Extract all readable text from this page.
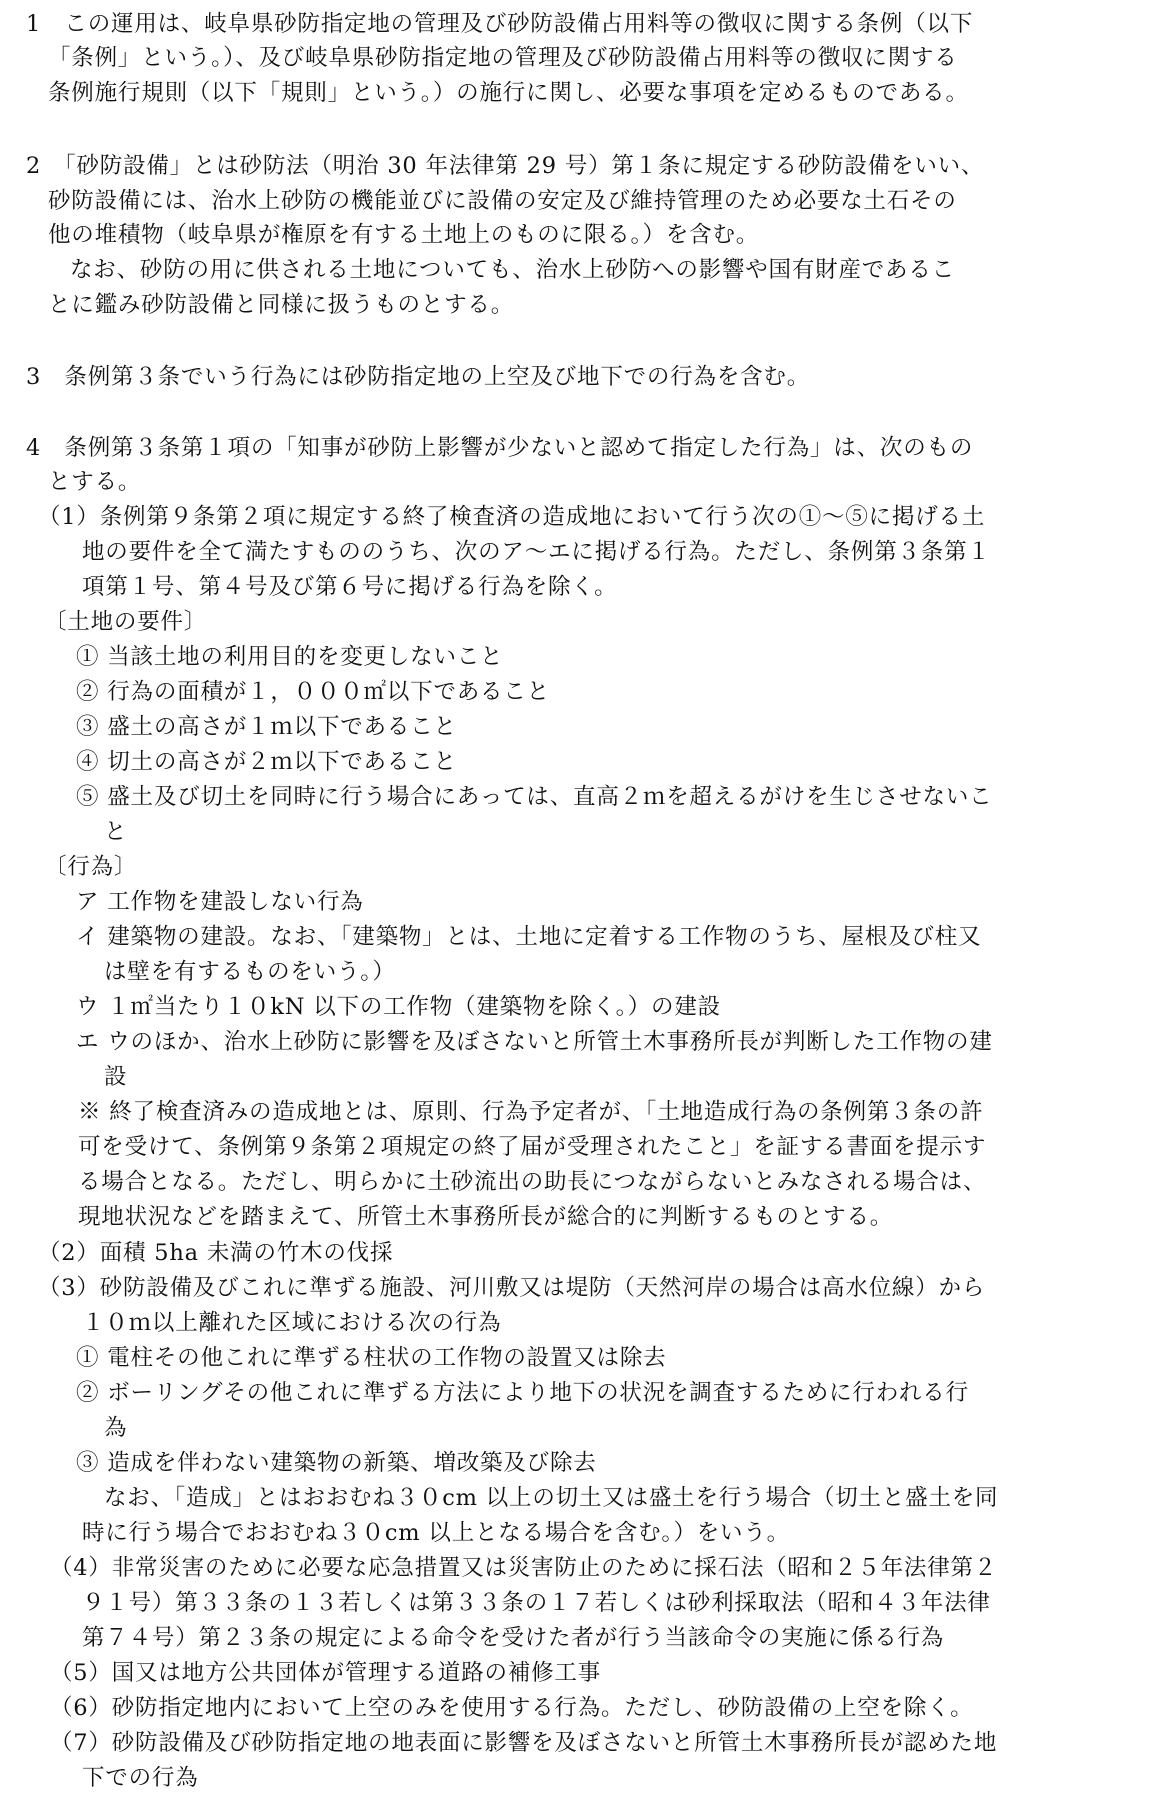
1　この運用は、岐阜県砂防指定地の管理及び砂防設備占用料等の徴収に関する条例（以下
「条例」という。）、及び岐阜県砂防指定地の管理及び砂防設備占用料等の徴収に関する
条例施行規則（以下「規則」という。）の施行に関し、必要な事項を定めるものである。
2　「砂防設備」とは砂防法（明治 30 年法律第 29 号）第１条に規定する砂防設備をいい、
砂防設備には、治水上砂防の機能並びに設備の安定及び維持管理のため必要な土石その
他の堆積物（岐阜県が権原を有する土地上のものに限る。）を含む。
なお、砂防の用に供される土地についても、治水上砂防への影響や国有財産であるこ
とに鑑み砂防設備と同様に扱うものとする。
3　条例第３条でいう行為には砂防指定地の上空及び地下での行為を含む。
4　条例第３条第１項の「知事が砂防上影響が少ないと認めて指定した行為」は、次のもの
とする。
（1）条例第９条第２項に規定する終了検査済の造成地において行う次の①～⑤に掲げる土
地の要件を全て満たすもののうち、次のア～エに掲げる行為。ただし、条例第３条第１
項第１号、第４号及び第６号に掲げる行為を除く。
〔土地の要件〕
① 当該土地の利用目的を変更しないこと
② 行為の面積が１，０００㎡以下であること
③ 盛土の高さが１ｍ以下であること
④ 切土の高さが２ｍ以下であること
⑤ 盛土及び切土を同時に行う場合にあっては、直高２ｍを超えるがけを生じさせないこ
と
〔行為〕
ア 工作物を建設しない行為
イ 建築物の建設。なお、「建築物」とは、土地に定着する工作物のうち、屋根及び柱又
は壁を有するものをいう。）
ウ １㎡当たり１０kN 以下の工作物（建築物を除く。）の建設
エ ウのほか、治水上砂防に影響を及ぼさないと所管土木事務所長が判断した工作物の建
設
※ 終了検査済みの造成地とは、原則、行為予定者が、「土地造成行為の条例第３条の許
可を受けて、条例第９条第２項規定の終了届が受理されたこと」を証する書面を提示す
る場合となる。ただし、明らかに土砂流出の助長につながらないとみなされる場合は、
現地状況などを踏まえて、所管土木事務所長が総合的に判断するものとする。
（2）面積 5ha 未満の竹木の伐採
（3）砂防設備及びこれに準ずる施設、河川敷又は堤防（天然河岸の場合は高水位線）から
１０ｍ以上離れた区域における次の行為
① 電柱その他これに準ずる柱状の工作物の設置又は除去
② ボーリングその他これに準ずる方法により地下の状況を調査するために行われる行
為
③ 造成を伴わない建築物の新築、増改築及び除去
なお、「造成」とはおおむね３０cm 以上の切土又は盛土を行う場合（切土と盛土を同
時に行う場合でおおむね３０cm 以上となる場合を含む。）をいう。
（4）非常災害のために必要な応急措置又は災害防止のために採石法（昭和２５年法律第２
９１号）第３３条の１３若しくは第３３条の１７若しくは砂利採取法（昭和４３年法律
第７４号）第２３条の規定による命令を受けた者が行う当該命令の実施に係る行為
（5）国又は地方公共団体が管理する道路の補修工事
（6）砂防指定地内において上空のみを使用する行為。ただし、砂防設備の上空を除く。
（7）砂防設備及び砂防指定地の地表面に影響を及ぼさないと所管土木事務所長が認めた地
下での行為
